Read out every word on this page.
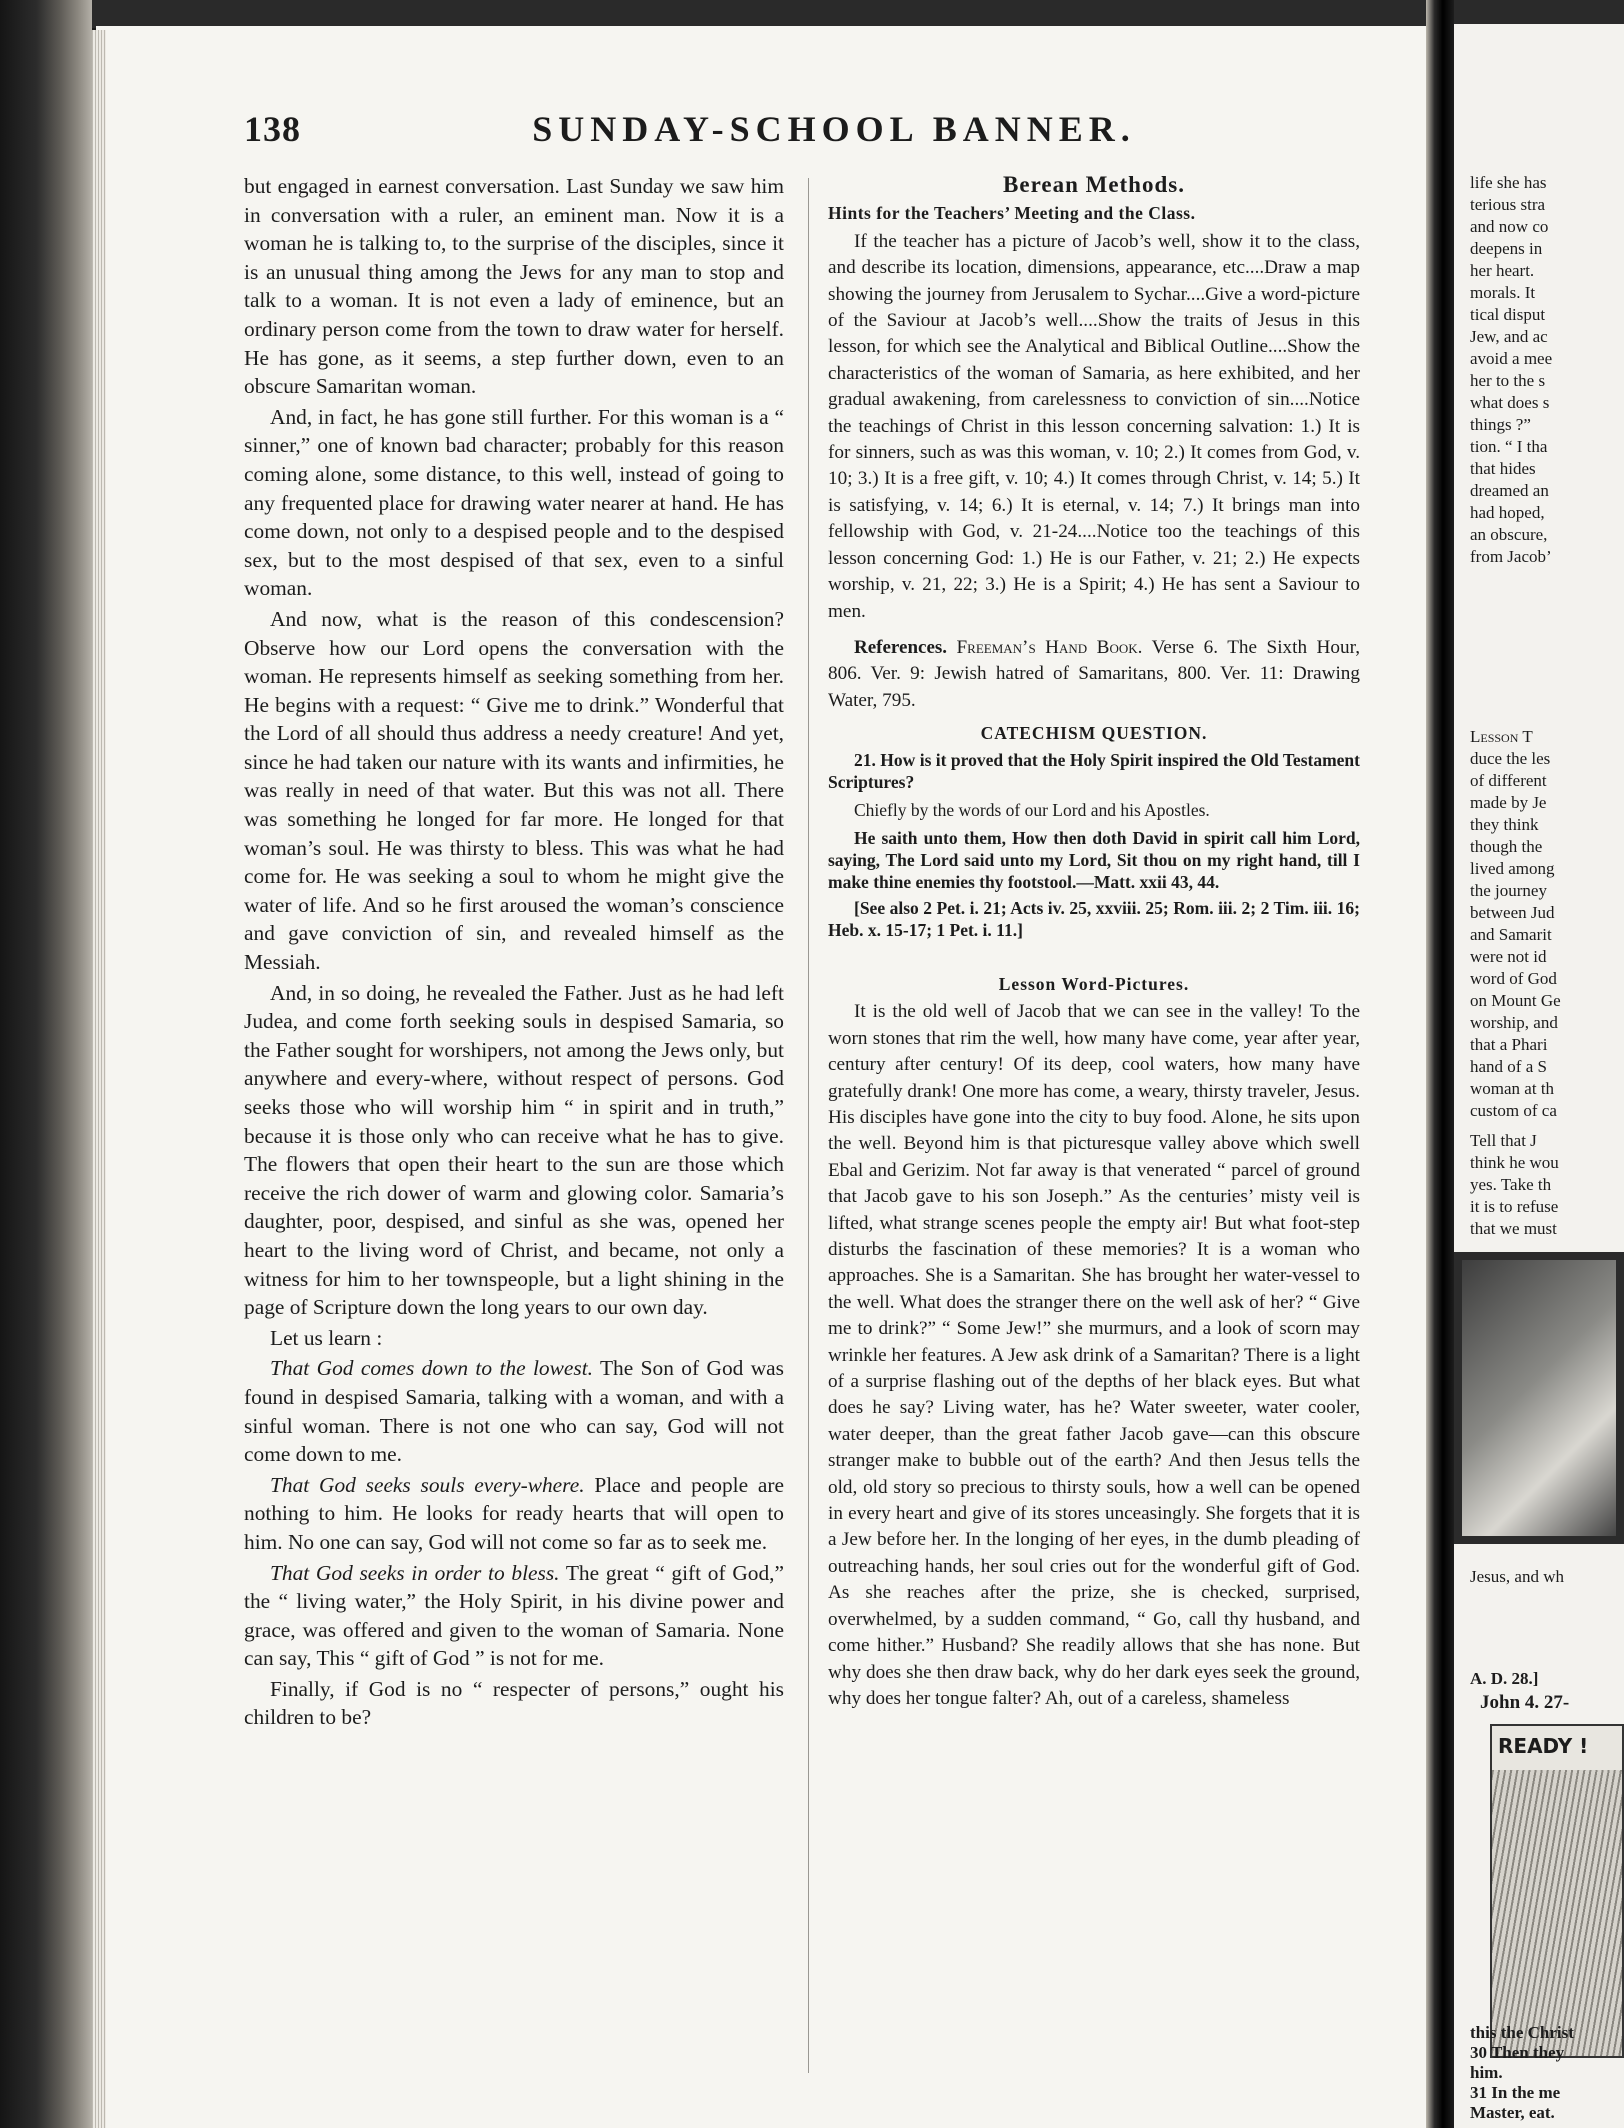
138	SUNDAY-SCHOOL BANNER.

but engaged in earnest conversation. Last Sunday we saw him in conversation with a ruler, an eminent man. Now it is a woman he is talking to, to the surprise of the disciples, since it is an unusual thing among the Jews for any man to stop and talk to a woman. It is not even a lady of eminence, but an ordinary person come from the town to draw water for herself. He has gone, as it seems, a step further down, even to an obscure Samaritan woman.

And, in fact, he has gone still further. For this woman is a “ sinner,” one of known bad character; probably for this reason coming alone, some distance, to this well, instead of going to any frequented place for drawing water nearer at hand. He has come down, not only to a despised people and to the despised sex, but to the most despised of that sex, even to a sinful woman.

And now, what is the reason of this condescension? Observe how our Lord opens the conversation with the woman. He represents himself as seeking something from her. He begins with a request: “ Give me to drink.” Wonderful that the Lord of all should thus address a needy creature! And yet, since he had taken our nature with its wants and infirmities, he was really in need of that water. But this was not all. There was something he longed for far more. He longed for that woman’s soul. He was thirsty to bless. This was what he had come for. He was seeking a soul to whom he might give the water of life. And so he first aroused the woman’s conscience and gave conviction of sin, and revealed himself as the Messiah.

And, in so doing, he revealed the Father. Just as he had left Judea, and come forth seeking souls in despised Samaria, so the Father sought for worshipers, not among the Jews only, but anywhere and every-where, without respect of persons. God seeks those who will worship him “ in spirit and in truth,” because it is those only who can receive what he has to give. The flowers that open their heart to the sun are those which receive the rich dower of warm and glowing color. Samaria’s daughter, poor, despised, and sinful as she was, opened her heart to the living word of Christ, and became, not only a witness for him to her townspeople, but a light shining in the page of Scripture down the long years to our own day.

Let us learn :

That God comes down to the lowest. The Son of God was found in despised Samaria, talking with a woman, and with a sinful woman. There is not one who can say, God will not come down to me.

That God seeks souls every-where. Place and people are nothing to him. He looks for ready hearts that will open to him. No one can say, God will not come so far as to seek me.

That God seeks in order to bless. The great “ gift of God,” the “ living water,” the Holy Spirit, in his divine power and grace, was offered and given to the woman of Samaria. None can say, This “ gift of God ” is not for me.

Finally, if God is no “ respecter of persons,” ought his children to be?

Berean Methods.

Hints for the Teachers’ Meeting and the Class.

If the teacher has a picture of Jacob’s well, show it to the class, and describe its location, dimensions, appearance, etc....Draw a map showing the journey from Jerusalem to Sychar....Give a word-picture of the Saviour at Jacob’s well....Show the traits of Jesus in this lesson, for which see the Analytical and Biblical Outline....Show the characteristics of the woman of Samaria, as here exhibited, and her gradual awakening, from carelessness to conviction of sin....Notice the teachings of Christ in this lesson concerning salvation: 1.) It is for sinners, such as was this woman, v. 10; 2.) It comes from God, v. 10; 3.) It is a free gift, v. 10; 4.) It comes through Christ, v. 14; 5.) It is satisfying, v. 14; 6.) It is eternal, v. 14; 7.) It brings man into fellowship with God, v. 21-24....Notice too the teachings of this lesson concerning God: 1.) He is our Father, v. 21; 2.) He expects worship, v. 21, 22; 3.) He is a Spirit; 4.) He has sent a Saviour to men.

References. Freeman’s Hand Book. Verse 6. The Sixth Hour, 806. Ver. 9: Jewish hatred of Samaritans, 800. Ver. 11: Drawing Water, 795.

CATECHISM QUESTION.

21. How is it proved that the Holy Spirit inspired the Old Testament Scriptures?

Chiefly by the words of our Lord and his Apostles.

He saith unto them, How then doth David in spirit call him Lord, saying, The Lord said unto my Lord, Sit thou on my right hand, till I make thine enemies thy footstool.—Matt. xxii 43, 44.

[See also 2 Pet. i. 21; Acts iv. 25, xxviii. 25; Rom. iii. 2; 2 Tim. iii. 16; Heb. x. 15-17; 1 Pet. i. 11.]

Lesson Word-Pictures.

It is the old well of Jacob that we can see in the valley! To the worn stones that rim the well, how many have come, year after year, century after century! Of its deep, cool waters, how many have gratefully drank! One more has come, a weary, thirsty traveler, Jesus. His disciples have gone into the city to buy food. Alone, he sits upon the well. Beyond him is that picturesque valley above which swell Ebal and Gerizim. Not far away is that venerated “ parcel of ground that Jacob gave to his son Joseph.” As the centuries’ misty veil is lifted, what strange scenes people the empty air! But what foot-step disturbs the fascination of these memories? It is a woman who approaches. She is a Samaritan. She has brought her water-vessel to the well. What does the stranger there on the well ask of her? “ Give me to drink?” “ Some Jew!” she murmurs, and a look of scorn may wrinkle her features. A Jew ask drink of a Samaritan? There is a light of a surprise flashing out of the depths of her black eyes. But what does he say? Living water, has he? Water sweeter, water cooler, water deeper, than the great father Jacob gave—can this obscure stranger make to bubble out of the earth? And then Jesus tells the old, old story so precious to thirsty souls, how a well can be opened in every heart and give of its stores unceasingly. She forgets that it is a Jew before her. In the longing of her eyes, in the dumb pleading of outreaching hands, her soul cries out for the wonderful gift of God. As she reaches after the prize, she is checked, surprised, overwhelmed, by a sudden command, “ Go, call thy husband, and come hither.” Husband? She readily allows that she has none. But why does she then draw back, why do her dark eyes seek the ground, why does her tongue falter? Ah, out of a careless, shameless

life she has
terious stra
and now co
deepens in
her heart.
morals. It
tical disput
Jew, and ac
avoid a mee
her to the s
what does s
things ?”
tion. “ I tha
that hides
dreamed an
had hoped,
an obscure,
from Jacob’
Lesson T
duce the les
of different
made by Je
they think
though the
lived among
the journey
between Jud
and Samarit
were not id
word of God
on Mount Ge
worship, and
that a Phari
hand of a S
woman at th
custom of ca
Tell that J
think he wou
yes. Take th
it is to refuse
that we must
Jesus, and wh
A. D. 28.]
John 4. 27-
READY !
this the Christ
30 Then they
him.
31 In the me
Master, eat.
